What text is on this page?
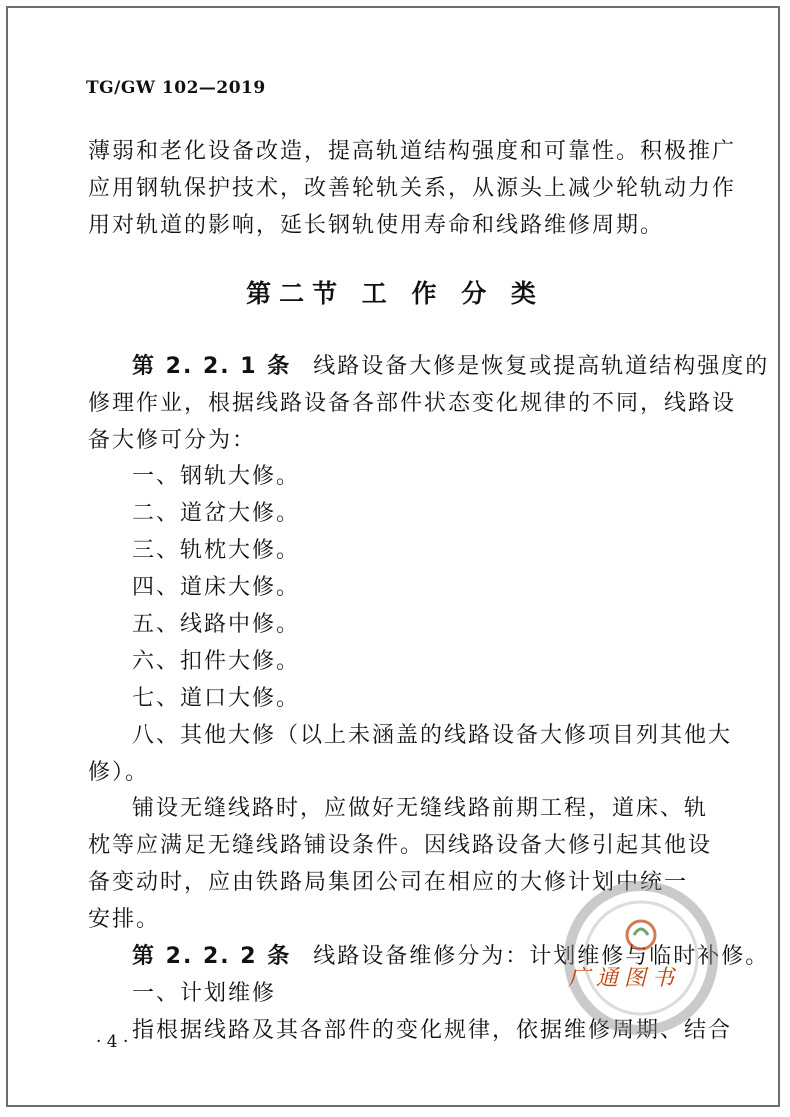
TG/GW 102—2019
薄弱和老化设备改造，提高轨道结构强度和可靠性。积极推广
应用钢轨保护技术，改善轮轨关系，从源头上减少轮轨动力作
用对轨道的影响，延长钢轨使用寿命和线路维修周期。
第二节 工 作 分 类
第 2. 2. 1 条 线路设备大修是恢复或提高轨道结构强度的
修理作业，根据线路设备各部件状态变化规律的不同，线路设
备大修可分为：
一、钢轨大修。
二、道岔大修。
三、轨枕大修。
四、道床大修。
五、线路中修。
六、扣件大修。
七、道口大修。
八、其他大修（以上未涵盖的线路设备大修项目列其他大
修）。
铺设无缝线路时，应做好无缝线路前期工程，道床、轨
枕等应满足无缝线路铺设条件。因线路设备大修引起其他设
备变动时，应由铁路局集团公司在相应的大修计划中统一
安排。
第 2. 2. 2 条 线路设备维修分为：计划维修与临时补修。
一、计划维修
指根据线路及其各部件的变化规律，依据维修周期、结合
· 4 ·
广通图书
